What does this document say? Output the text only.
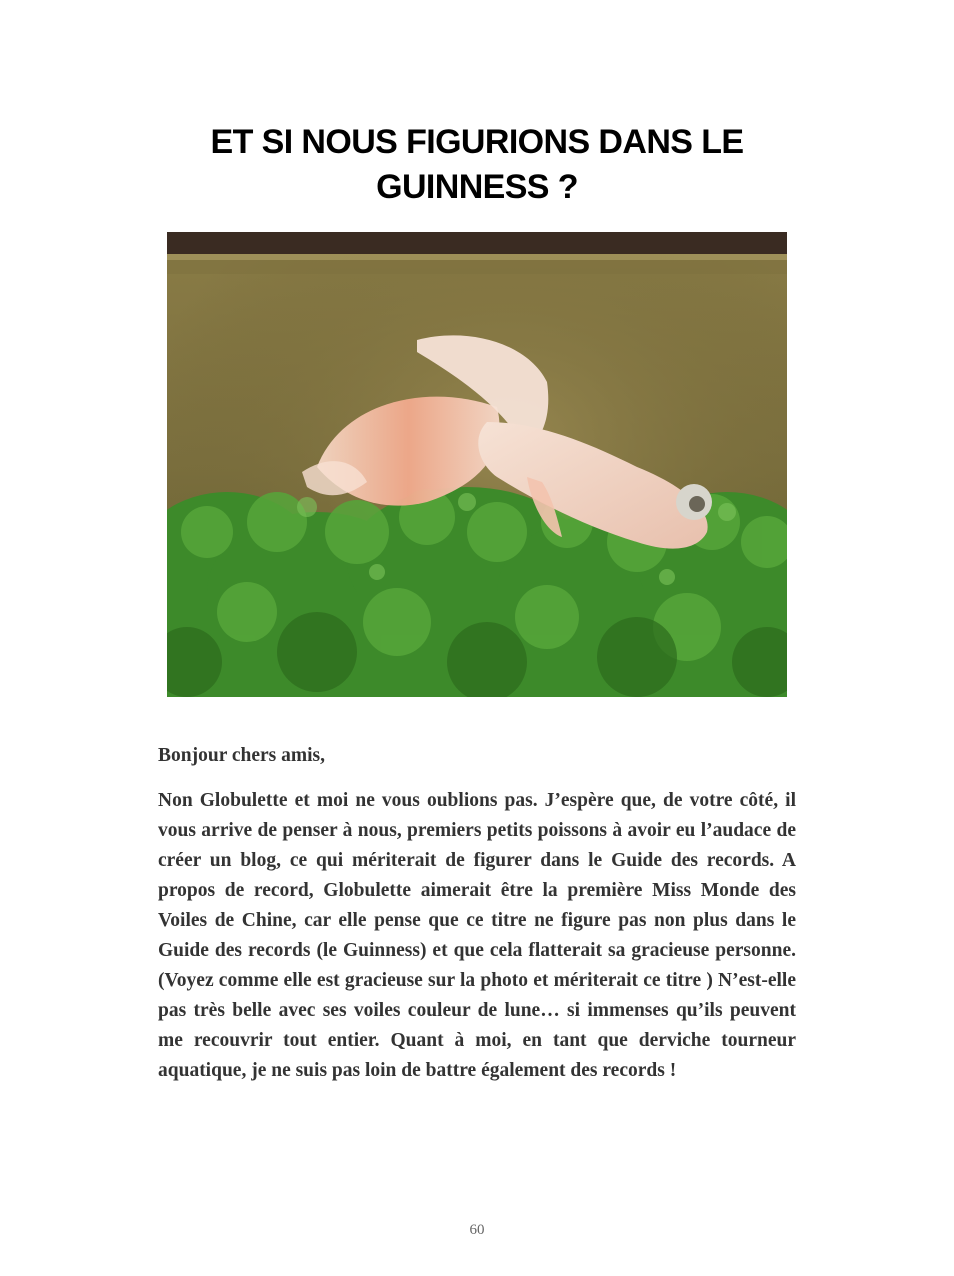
ET SI NOUS FIGURIONS DANS LE
GUINNESS ?

Bonjour chers amis,

Non Globulette et moi ne vous oublions pas. J’espère que, de votre côté, il vous arrive de penser à nous, premiers petits poissons à avoir eu l’audace de créer un blog, ce qui mériterait de figurer dans le Guide des records. A propos de record, Globulette aimerait être la première Miss Monde des Voiles de Chine, car elle pense que ce titre ne figure pas non plus dans le Guide des records (le Guinness) et que cela flatterait sa gracieuse personne. (Voyez comme elle est gracieuse sur la photo et mériterait ce titre ) N’est-elle pas très belle avec ses voiles couleur de lune… si immenses qu’ils peuvent me recouvrir tout entier. Quant à moi, en tant que derviche tourneur aquatique, je ne suis pas loin de battre également des records !

60
